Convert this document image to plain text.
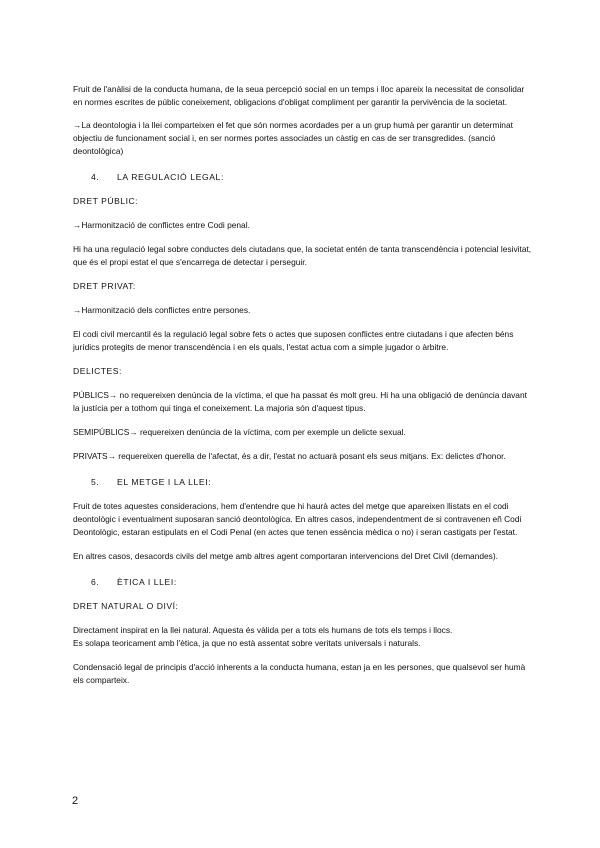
Fruit de l'anàlisi de la conducta humana, de la seua percepció social en un temps i lloc apareix la necessitat de consolidar en normes escrites de públic coneixement, obligacions d'obligat compliment per garantir la pervivència de la societat.

→La deontologia i la llei comparteixen el fet que són normes acordades per a un grup humà per garantir un determinat objectiu de funcionament social i, en ser normes portes associades un càstig en cas de ser transgredides. (sanció deontològica)

4. LA REGULACIÓ LEGAL:

DRET PÚBLIC:

→Harmonització de conflictes entre Codi penal.

Hi ha una regulació legal sobre conductes dels ciutadans que, la societat entén de tanta transcendència i potencial lesivitat, que és el propi estat el que s'encarrega de detectar i perseguir.

DRET PRIVAT:

→Harmonització dels conflictes entre persones.

El codi civil mercantil és la regulació legal sobre fets o actes que suposen conflictes entre ciutadans i que afecten béns jurídics protegits de menor transcendència i en els quals, l'estat actua com a simple jugador o àrbitre.

DELICTES:

PÚBLICS→ no requereixen denúncia de la víctima, el que ha passat és molt greu. Hi ha una obligació de denúncia davant la justícia per a tothom qui tinga el coneixement. La majoria són d'aquest tipus.

SEMIPÚBLICS→ requereixen denúncia de la víctima, com per exemple un delicte sexual.

PRIVATS→ requereixen querella de l'afectat, és a dir, l'estat no actuarà posant els seus mitjans. Ex: delictes d'honor.

5. EL METGE I LA LLEI:

Fruit de totes aquestes consideracions, hem d'entendre que hi haurà actes del metge que apareixen llistats en el codi deontològic i eventualment suposaran sanció deontològica. En altres casos, independentment de si contravenen eñ Codi Deontològic, estaran estipulats en el Codi Penal (en actes que tenen essència mèdica o no) i seran castigats per l'estat.

En altres casos, desacords civils del metge amb altres agent comportaran intervencions del Dret Civil (demandes).

6. ÈTICA I LLEI:

DRET NATURAL O DIVÍ:

Directament inspirat en la llei natural. Aquesta és vàlida per a tots els humans de tots els temps i llocs.

Es solapa teoricament amb l'ètica, ja que no està assentat sobre veritats universals i naturals.

Condensació legal de principis d'acció inherents a la conducta humana, estan ja en les persones, que qualsevol ser humà els comparteix.

2
